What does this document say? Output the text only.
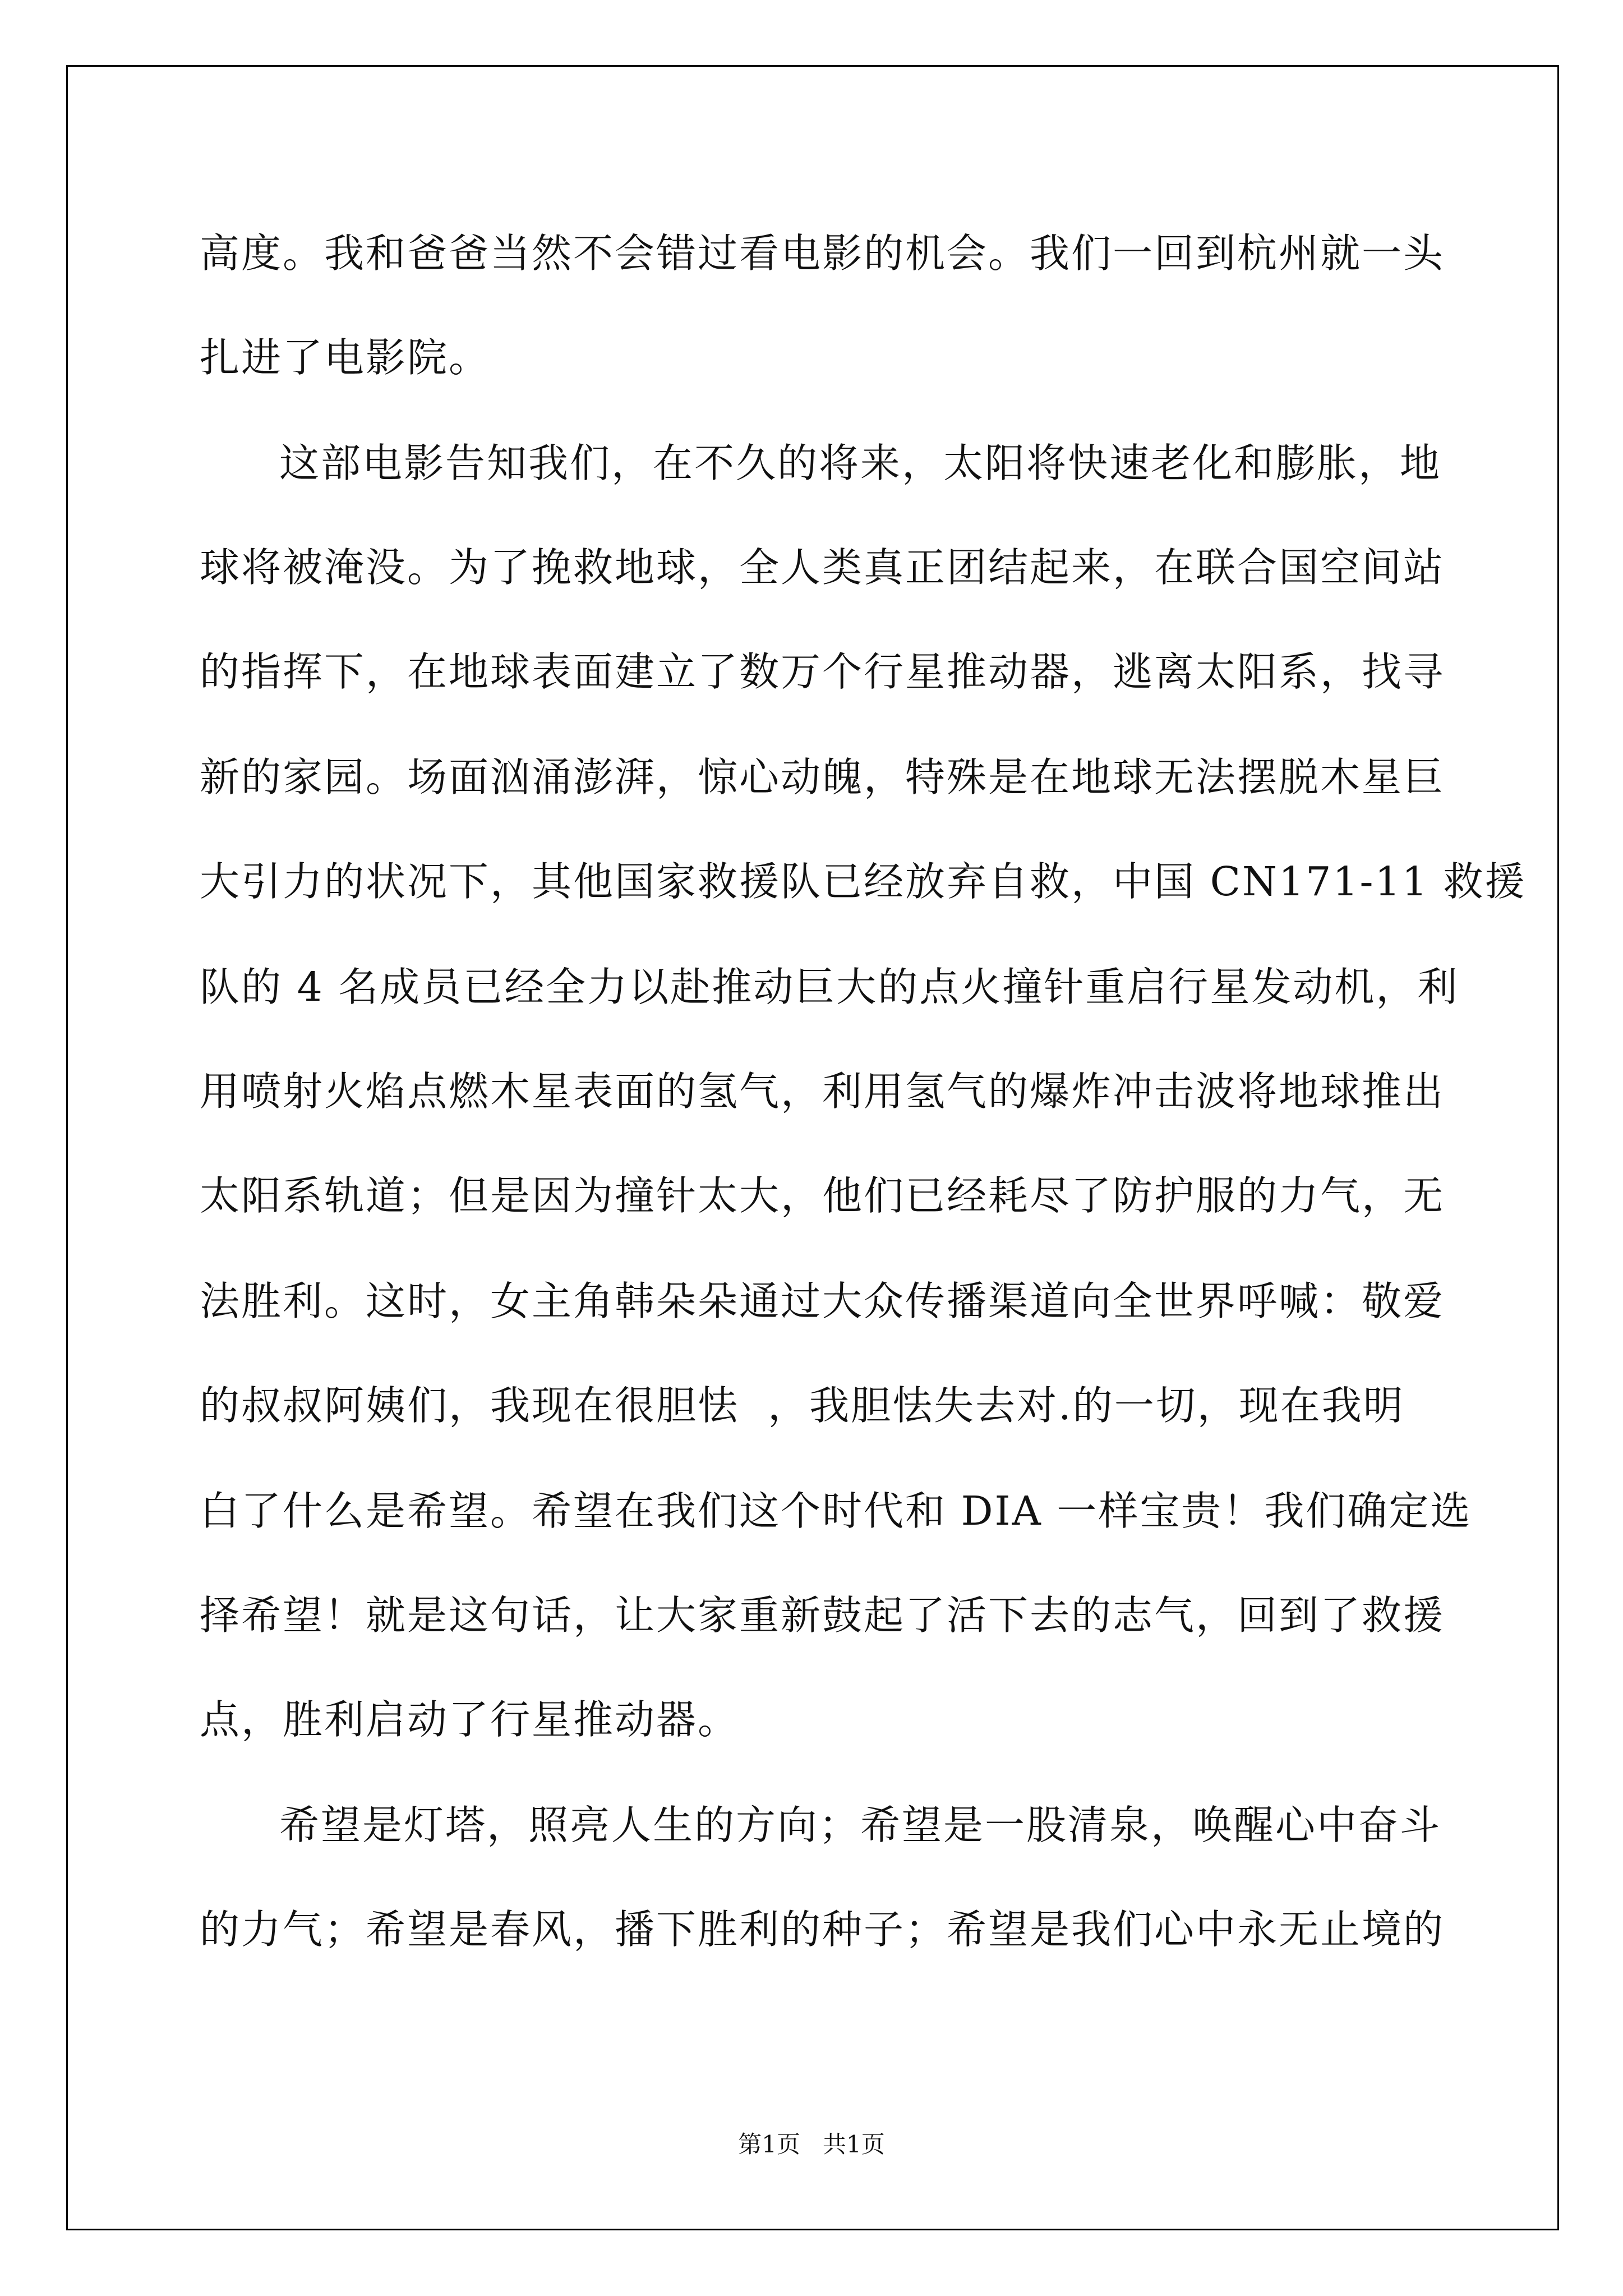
高度。我和爸爸当然不会错过看电影的机会。我们一回到杭州就一头
扎进了电影院。
这部电影告知我们，在不久的将来，太阳将快速老化和膨胀，地
球将被淹没。为了挽救地球，全人类真正团结起来，在联合国空间站
的指挥下，在地球表面建立了数万个行星推动器，逃离太阳系，找寻
新的家园。场面汹涌澎湃，惊心动魄，特殊是在地球无法摆脱木星巨
大引力的状况下，其他国家救援队已经放弃自救，中国 CN171-11 救援
队的 4 名成员已经全力以赴推动巨大的点火撞针重启行星发动机，利
用喷射火焰点燃木星表面的氢气，利用氢气的爆炸冲击波将地球推出
太阳系轨道；但是因为撞针太大，他们已经耗尽了防护服的力气，无
法胜利。这时，女主角韩朵朵通过大众传播渠道向全世界呼喊：敬爱
的叔叔阿姨们，我现在很胆怯  ，我胆怯失去对.的一切，现在我明
白了什么是希望。希望在我们这个时代和 DIA 一样宝贵！我们确定选
择希望！就是这句话，让大家重新鼓起了活下去的志气，回到了救援
点，胜利启动了行星推动器。
希望是灯塔，照亮人生的方向；希望是一股清泉，唤醒心中奋斗
的力气；希望是春风，播下胜利的种子；希望是我们心中永无止境的
第1页   共1页
